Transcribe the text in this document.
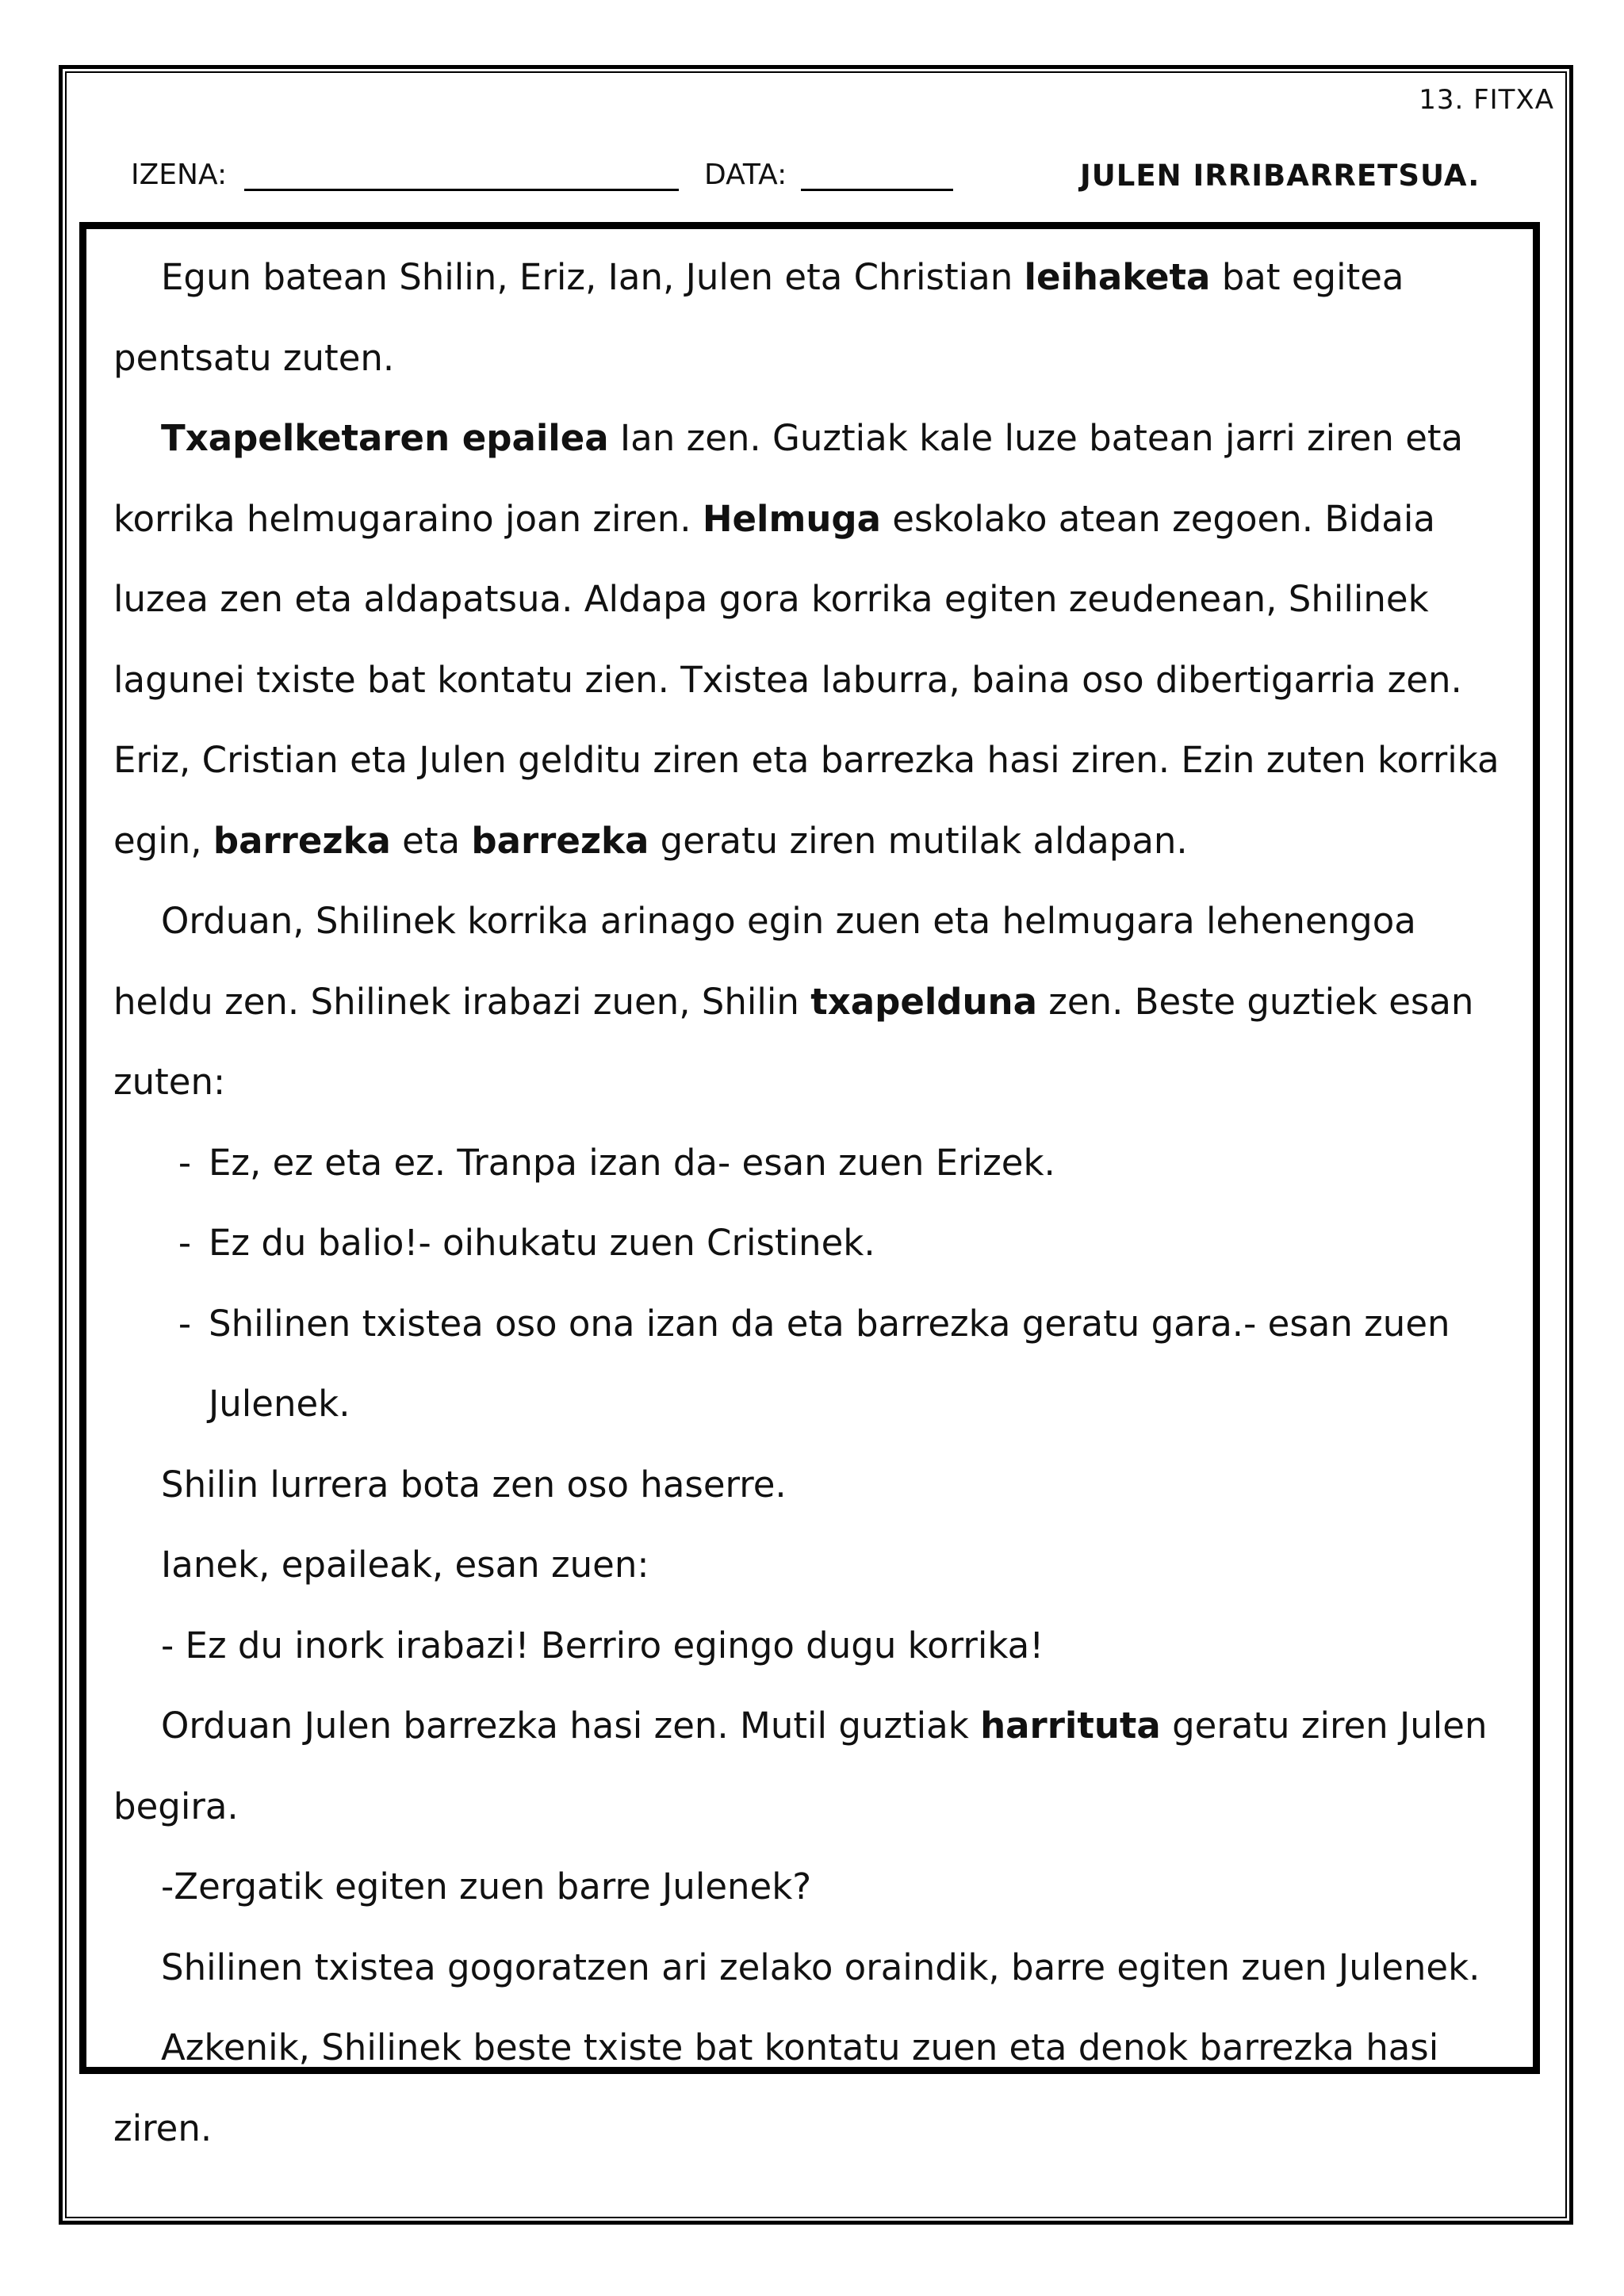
13. FITXA
IZENA:	DATA:	JULEN IRRIBARRETSUA.

Egun batean Shilin, Eriz, Ian, Julen eta Christian leihaketa bat egitea pentsatu zuten.

Txapelketaren epailea Ian zen. Guztiak kale luze batean jarri ziren eta korrika helmugaraino joan ziren. Helmuga eskolako atean zegoen. Bidaia luzea zen eta aldapatsua. Aldapa gora korrika egiten zeudenean, Shilinek lagunei txiste bat kontatu zien. Txistea laburra, baina oso dibertigarria zen. Eriz, Cristian eta Julen gelditu ziren eta barrezka hasi ziren. Ezin zuten korrika egin, barrezka eta barrezka geratu ziren mutilak aldapan.

Orduan, Shilinek korrika arinago egin zuen eta helmugara lehenengoa heldu zen. Shilinek irabazi zuen, Shilin txapelduna zen. Beste guztiek esan zuten:

- Ez, ez eta ez. Tranpa izan da- esan zuen Erizek.
- Ez du balio!- oihukatu zuen Cristinek.
- Shilinen txistea oso ona izan da eta barrezka geratu gara.- esan zuen Julenek.

Shilin lurrera bota zen oso haserre.

Ianek, epaileak, esan zuen:

- Ez du inork irabazi! Berriro egingo dugu korrika!

Orduan Julen barrezka hasi zen. Mutil guztiak harrituta geratu ziren Julen begira.

-Zergatik egiten zuen barre Julenek?

Shilinen txistea gogoratzen ari zelako oraindik, barre egiten zuen Julenek.

Azkenik, Shilinek beste txiste bat kontatu zuen eta denok barrezka hasi ziren.
